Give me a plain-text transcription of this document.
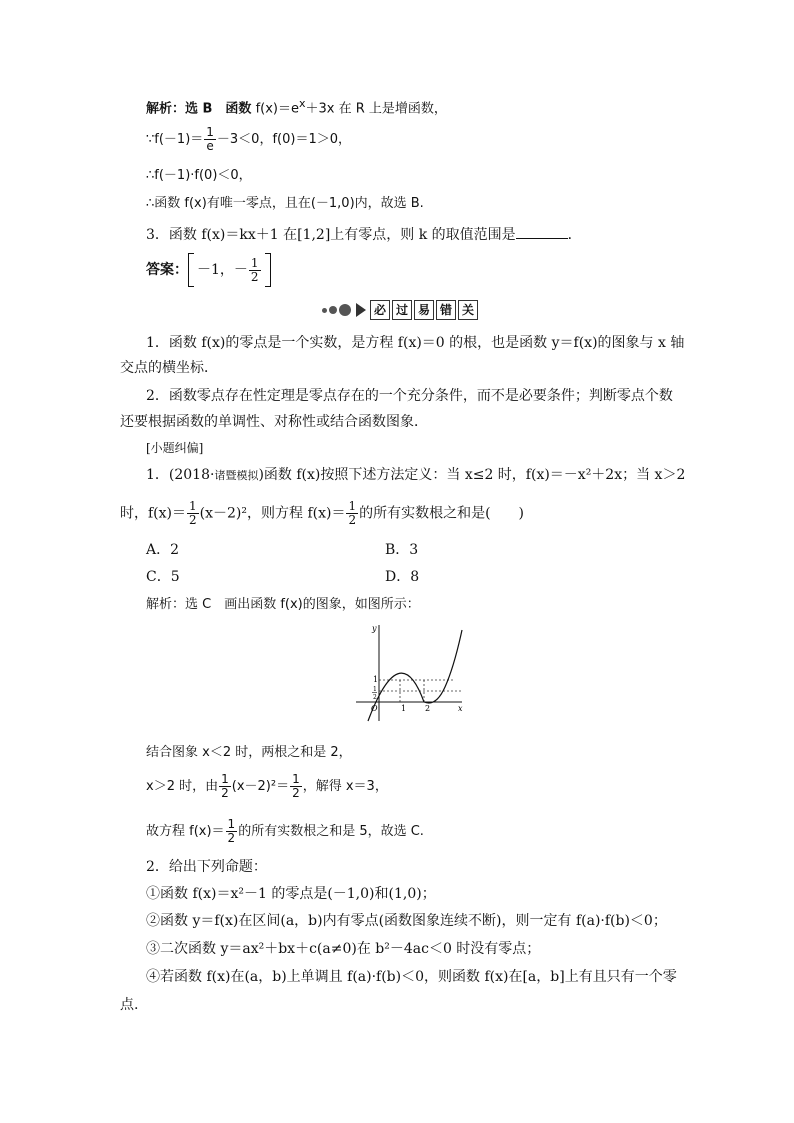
解析：选 B　函数 $f(x)=e^x+3x$ 在 R 上是增函数，
∵f(－1)＝ $\frac{1}{e} -3<0$，f(0)＝1＞0，
∴f(－1)·f(0)＜0，
∴函数 f(x)有唯一零点，且在(－1,0)内，故选 B.
3．函数 f(x)＝kx＋1 在[1,2]上有零点，则 k 的取值范围是	．
答案： －1，－ $\frac{1}{2}$
必 过 易 错 关
1．函数 f(x)的零点是一个实数，是方程 f(x)＝0 的根，也是函数 y＝f(x)的图象与 x 轴
交点的横坐标．
2．函数零点存在性定理是零点存在的一个充分条件，而不是必要条件；判断零点个数
还要根据函数的单调性、对称性或结合函数图象．
[小题纠偏]
1．(2018·诸暨模拟)函数 f(x)按照下述方法定义：当 x≤2 时，f(x)＝－x²＋2x；当 x＞2
时，$f(x)= \frac{1}{2} (x-2)^2$，则方程 $f(x)= \frac{1}{2}$ 的所有实数根之和是(　　)
A．2	B．3
C．5	D．8
解析：选 C　画出函数 f(x)的图象，如图所示：
y
x
O	1 2
1
1
2
结合图象 x＜2 时，两根之和是 2，
x＞2 时，由 $\frac{1}{2} (x-2)^2= \frac{1}{2}$ ，解得 x＝3，
故方程 $f(x)= \frac{1}{2}$ 的所有实数根之和是 5，故选 C.
2．给出下列命题：
①函数 f(x)＝x²－1 的零点是(－1,0)和(1,0)；
②函数 y＝f(x)在区间(a，b)内有零点(函数图象连续不断)，则一定有 f(a)·f(b)＜0；
③二次函数 y＝ax²＋bx＋c(a≠0)在 b²－4ac＜0 时没有零点；
④若函数 f(x)在(a，b)上单调且 f(a)·f(b)＜0，则函数 f(x)在[a，b]上有且只有一个零
点.
